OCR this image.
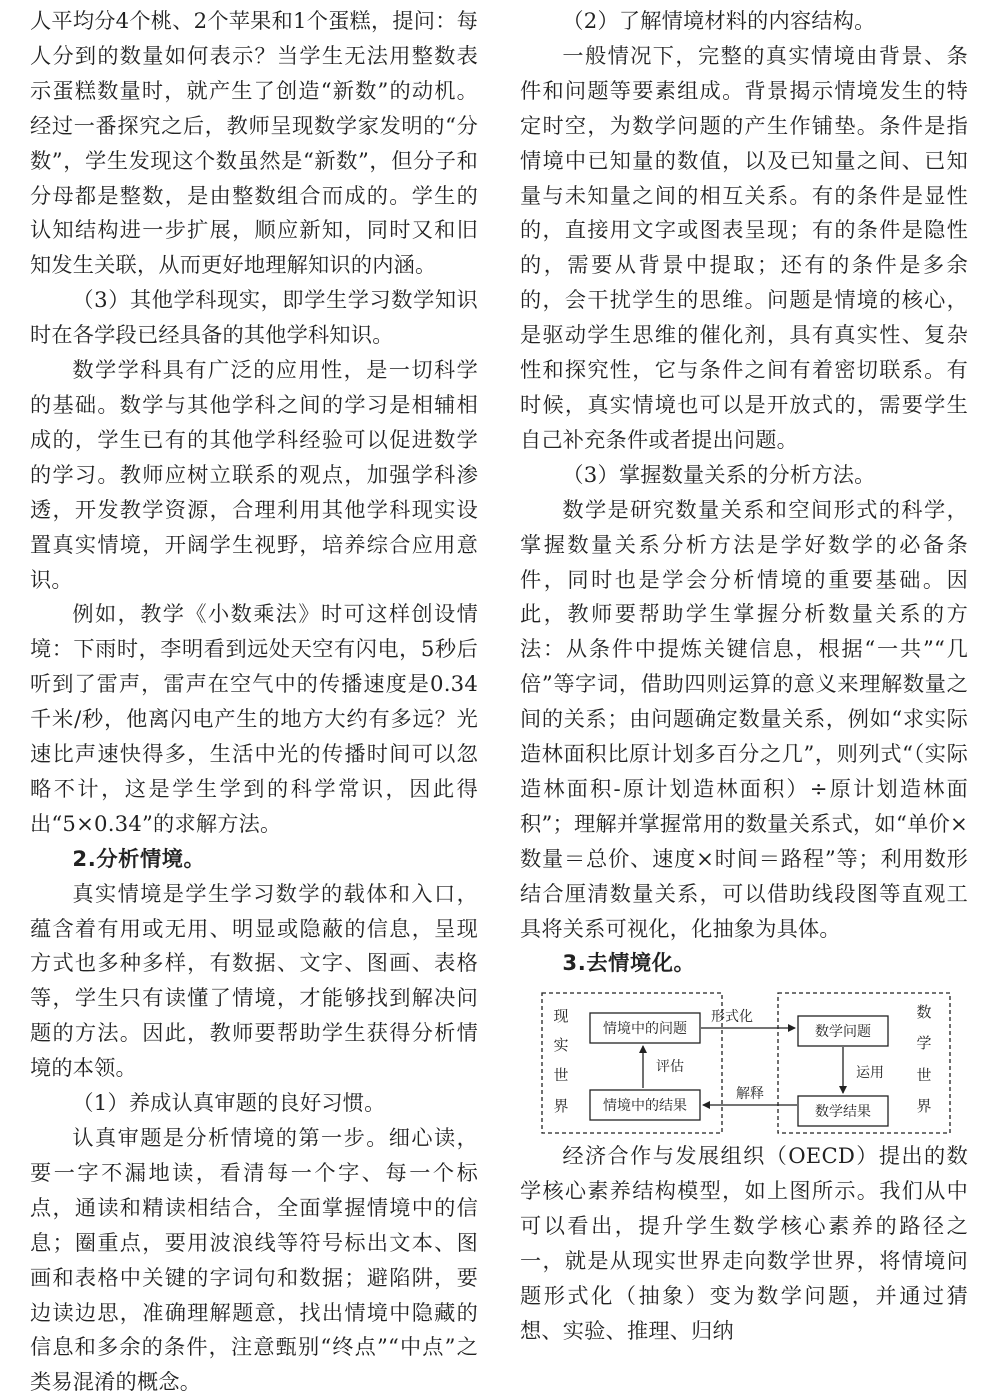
人平均分4个桃、2个苹果和1个蛋糕，提问：每人分到的数量如何表示？当学生无法用整数表示蛋糕数量时，就产生了创造“新数”的动机。经过一番探究之后，教师呈现数学家发明的“分数”，学生发现这个数虽然是“新数”，但分子和分母都是整数，是由整数组合而成的。学生的认知结构进一步扩展，顺应新知，同时又和旧知发生关联，从而更好地理解知识的内涵。

（3）其他学科现实，即学生学习数学知识时在各学段已经具备的其他学科知识。

数学学科具有广泛的应用性，是一切科学的基础。数学与其他学科之间的学习是相辅相成的，学生已有的其他学科经验可以促进数学的学习。教师应树立联系的观点，加强学科渗透，开发教学资源，合理利用其他学科现实设置真实情境，开阔学生视野，培养综合应用意识。

例如，教学《小数乘法》时可这样创设情境：下雨时，李明看到远处天空有闪电，5秒后听到了雷声，雷声在空气中的传播速度是0.34千米/秒，他离闪电产生的地方大约有多远？光速比声速快得多，生活中光的传播时间可以忽略不计，这是学生学到的科学常识，因此得出“5×0.34”的求解方法。

2.分析情境。

真实情境是学生学习数学的载体和入口，蕴含着有用或无用、明显或隐蔽的信息，呈现方式也多种多样，有数据、文字、图画、表格等，学生只有读懂了情境，才能够找到解决问题的方法。因此，教师要帮助学生获得分析情境的本领。

（1）养成认真审题的良好习惯。

认真审题是分析情境的第一步。细心读，要一字不漏地读，看清每一个字、每一个标点，通读和精读相结合，全面掌握情境中的信息；圈重点，要用波浪线等符号标出文本、图画和表格中关键的字词句和数据；避陷阱，要边读边思，准确理解题意，找出情境中隐藏的信息和多余的条件，注意甄别“终点”“中点”之类易混淆的概念。

（2）了解情境材料的内容结构。

一般情况下，完整的真实情境由背景、条件和问题等要素组成。背景揭示情境发生的特定时空，为数学问题的产生作铺垫。条件是指情境中已知量的数值，以及已知量之间、已知量与未知量之间的相互关系。有的条件是显性的，直接用文字或图表呈现；有的条件是隐性的，需要从背景中提取；还有的条件是多余的，会干扰学生的思维。问题是情境的核心，是驱动学生思维的催化剂，具有真实性、复杂性和探究性，它与条件之间有着密切联系。有时候，真实情境也可以是开放式的，需要学生自己补充条件或者提出问题。

（3）掌握数量关系的分析方法。

数学是研究数量关系和空间形式的科学，掌握数量关系分析方法是学好数学的必备条件，同时也是学会分析情境的重要基础。因此，教师要帮助学生掌握分析数量关系的方法：从条件中提炼关键信息，根据“一共”“几倍”等字词，借助四则运算的意义来理解数量之间的关系；由问题确定数量关系，例如“求实际造林面积比原计划多百分之几”，则列式“（实际造林面积-原计划造林面积）÷原计划造林面积”；理解并掌握常用的数量关系式，如“单价×数量＝总价、速度×时间＝路程”等；利用数形结合厘清数量关系，可以借助线段图等直观工具将关系可视化，化抽象为具体。

3.去情境化。

现
实
世
界
数
学
世
界
情境中的问题
情境中的结果
数学问题
数学结果
形式化
运用
解释
评估

经济合作与发展组织（OECD）提出的数学核心素养结构模型，如上图所示。我们从中可以看出，提升学生数学核心素养的路径之一，就是从现实世界走向数学世界，将情境问题形式化（抽象）变为数学问题，并通过猜想、实验、推理、归纳
